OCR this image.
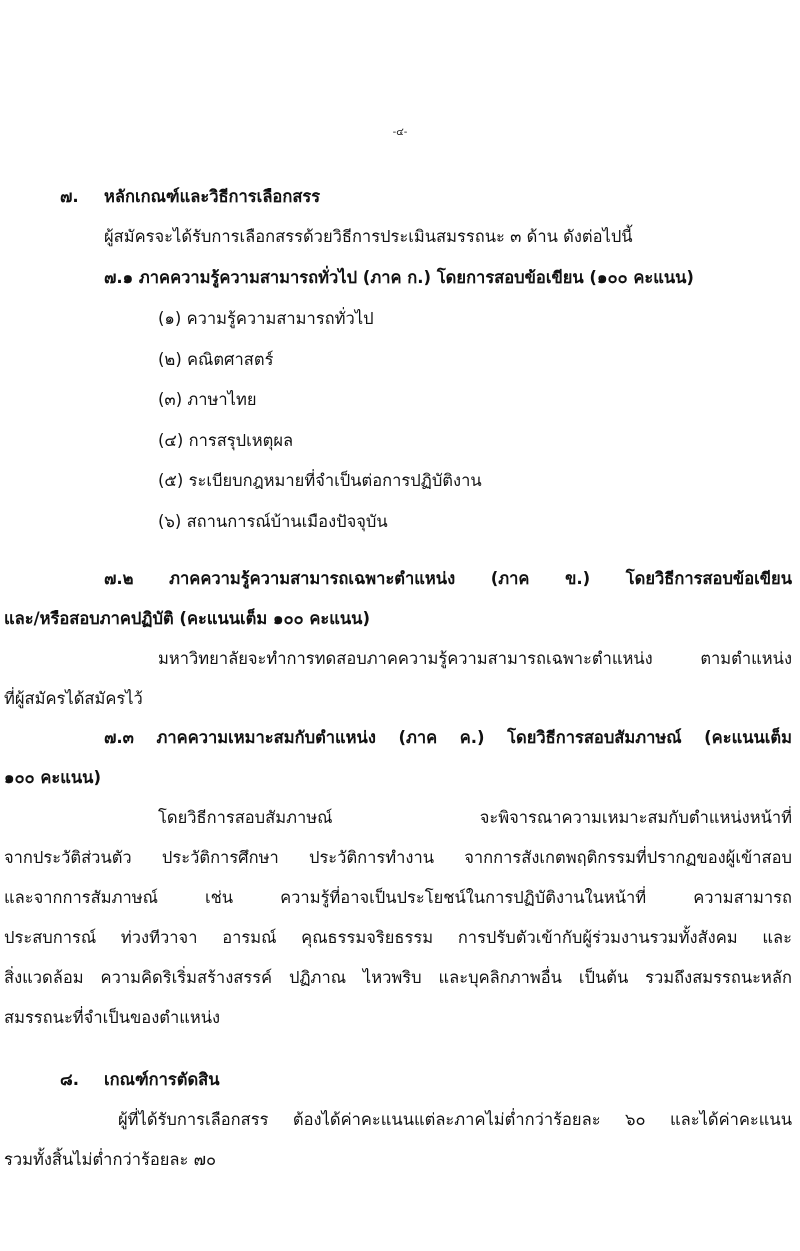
-๔-
๗. หลักเกณฑ์และวิธีการเลือกสรร
ผู้สมัครจะได้รับการเลือกสรรด้วยวิธีการประเมินสมรรถนะ ๓ ด้าน ดังต่อไปนี้
๗.๑ ภาคความรู้ความสามารถทั่วไป (ภาค ก.) โดยการสอบข้อเขียน (๑๐๐ คะแนน)
(๑) ความรู้ความสามารถทั่วไป
(๒) คณิตศาสตร์
(๓) ภาษาไทย
(๔) การสรุปเหตุผล
(๕) ระเบียบกฎหมายที่จำเป็นต่อการปฏิบัติงาน
(๖) สถานการณ์บ้านเมืองปัจจุบัน
๗.๒ ภาคความรู้ความสามารถเฉพาะตำแหน่ง (ภาค ข.) โดยวิธีการสอบข้อเขียน
และ/หรือสอบภาคปฏิบัติ (คะแนนเต็ม ๑๐๐ คะแนน)
มหาวิทยาลัยจะทำการทดสอบภาคความรู้ความสามารถเฉพาะตำแหน่ง ตามตำแหน่ง
ที่ผู้สมัครได้สมัครไว้
๗.๓ ภาคความเหมาะสมกับตำแหน่ง (ภาค ค.) โดยวิธีการสอบสัมภาษณ์ (คะแนนเต็ม
๑๐๐ คะแนน)
โดยวิธีการสอบสัมภาษณ์ จะพิจารณาความเหมาะสมกับตำแหน่งหน้าที่
จากประวัติส่วนตัว ประวัติการศึกษา ประวัติการทำงาน จากการสังเกตพฤติกรรมที่ปรากฏของผู้เข้าสอบ
และจากการสัมภาษณ์ เช่น ความรู้ที่อาจเป็นประโยชน์ในการปฏิบัติงานในหน้าที่ ความสามารถ
ประสบการณ์ ท่วงทีวาจา อารมณ์ คุณธรรมจริยธรรม การปรับตัวเข้ากับผู้ร่วมงานรวมทั้งสังคม และ
สิ่งแวดล้อม ความคิดริเริ่มสร้างสรรค์ ปฏิภาณ ไหวพริบ และบุคลิกภาพอื่น เป็นต้น รวมถึงสมรรถนะหลัก
สมรรถนะที่จำเป็นของตำแหน่ง
๘. เกณฑ์การตัดสิน
ผู้ที่ได้รับการเลือกสรร ต้องได้ค่าคะแนนแต่ละภาคไม่ต่ำกว่าร้อยละ ๖๐ และได้ค่าคะแนน
รวมทั้งสิ้นไม่ต่ำกว่าร้อยละ ๗๐
